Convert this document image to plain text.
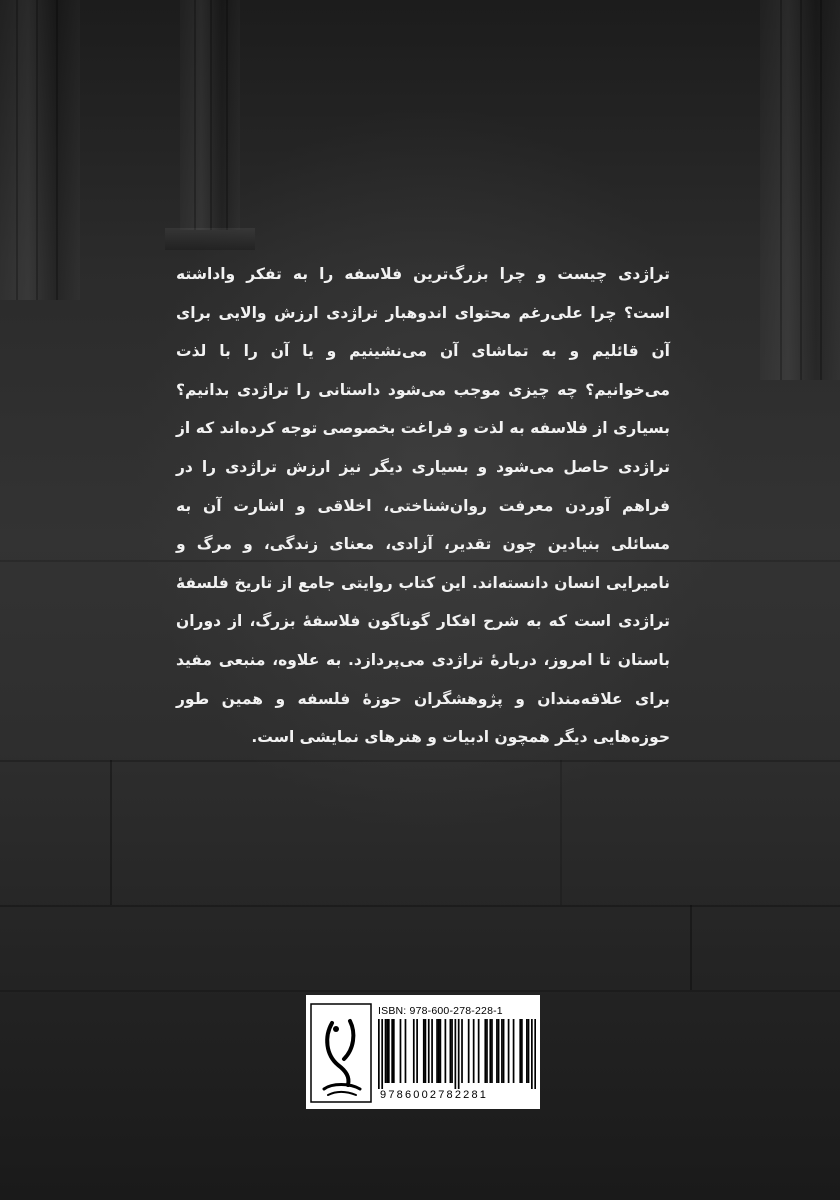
تراژدی چیست و چرا بزرگ‌ترین فلاسفه را به تفکر واداشته است؟ چرا علی‌رغم محتوای اندوهبار تراژدی ارزش والایی برای آن قائلیم و به تماشای آن می‌نشینیم و یا آن را با لذت می‌خوانیم؟ چه چیزی موجب می‌شود داستانی را تراژدی بدانیم؟ بسیاری از فلاسفه به لذت و فراغت بخصوصی توجه کرده‌اند که از تراژدی حاصل می‌شود و بسیاری دیگر نیز ارزش تراژدی را در فراهم آوردن معرفت روان‌شناختی، اخلاقی و اشارت آن به مسائلی بنیادین چون تقدیر، آزادی، معنای زندگی، و مرگ و نامیرایی انسان دانسته‌اند. این کتاب روایتی جامع از تاریخ فلسفهٔ تراژدی است که به شرح افکار گوناگون فلاسفهٔ بزرگ، از دوران باستان تا امروز، دربارهٔ تراژدی می‌پردازد. به علاوه، منبعی مفید برای علاقه‌مندان و پژوهشگران حوزهٔ فلسفه و همین طور حوزه‌هایی دیگر همچون ادبیات و هنرهای نمایشی است.

ISBN: 978-600-278-228-1
9786002782281
